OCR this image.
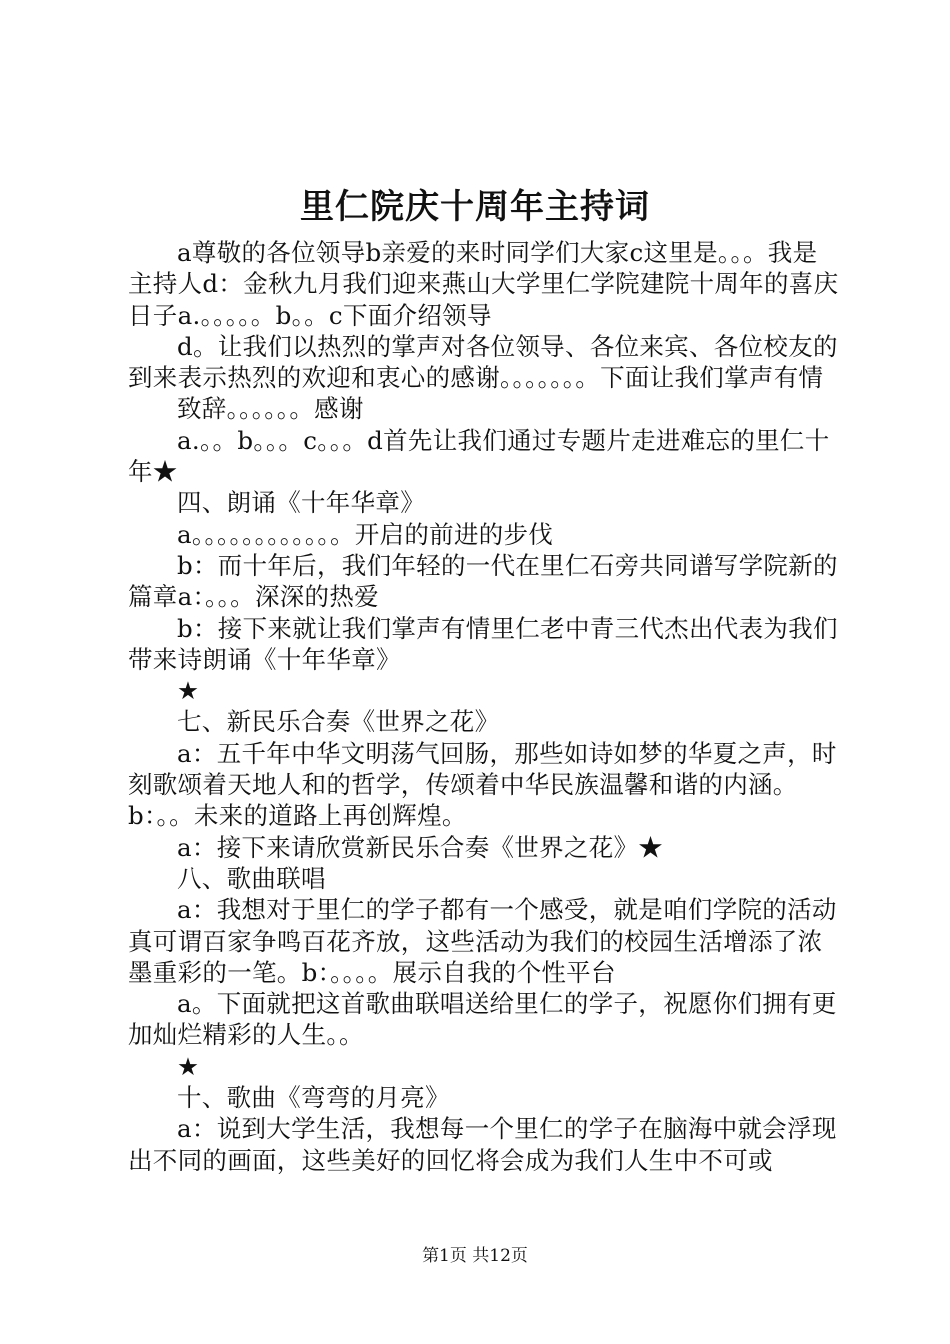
里仁院庆十周年主持词

a尊敬的各位领导b亲爱的来时同学们大家c这里是。。。我是主持人d：金秋九月我们迎来燕山大学里仁学院建院十周年的喜庆日子a.。。。。。b。。c下面介绍领导

d。让我们以热烈的掌声对各位领导、各位来宾、各位校友的到来表示热烈的欢迎和衷心的感谢。。。。。。。下面让我们掌声有情

致辞。。。。。。感谢

a.。。b。。。c。。。d首先让我们通过专题片走进难忘的里仁十年★

四、朗诵《十年华章》

a。。。。。。。。。。。。开启的前进的步伐

b：而十年后，我们年轻的一代在里仁石旁共同谱写学院新的篇章a：。。。深深的热爱

b：接下来就让我们掌声有情里仁老中青三代杰出代表为我们带来诗朗诵《十年华章》

★

七、新民乐合奏《世界之花》

a：五千年中华文明荡气回肠，那些如诗如梦的华夏之声，时刻歌颂着天地人和的哲学，传颂着中华民族温馨和谐的内涵。b：。。未来的道路上再创辉煌。

a：接下来请欣赏新民乐合奏《世界之花》★

八、歌曲联唱

a：我想对于里仁的学子都有一个感受，就是咱们学院的活动真可谓百家争鸣百花齐放，这些活动为我们的校园生活增添了浓墨重彩的一笔。b：。。。。展示自我的个性平台

a。下面就把这首歌曲联唱送给里仁的学子，祝愿你们拥有更加灿烂精彩的人生。。

★

十、歌曲《弯弯的月亮》

a：说到大学生活，我想每一个里仁的学子在脑海中就会浮现出不同的画面，这些美好的回忆将会成为我们人生中不可或

第1页 共12页
